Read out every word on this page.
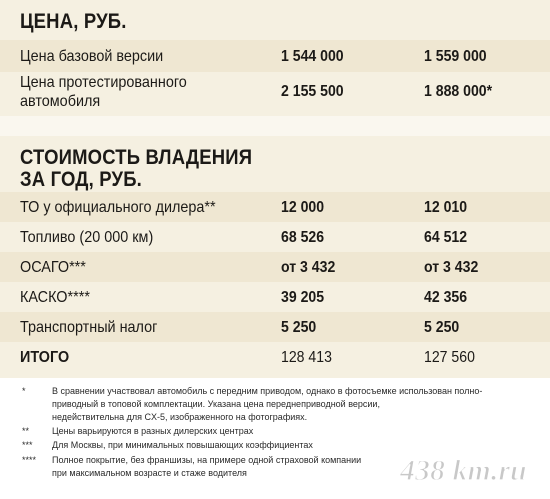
ЦЕНА, РУБ.
Цена базовой версии	1 544 000	1 559 000
Цена протестированного
автомобиля
2 155 500	1 888 000*
СТОИМОСТЬ ВЛАДЕНИЯ
ЗА ГОД, РУБ.
ТО у официального дилера**	12 000	12 010
Топливо (20 000 км)	68 526	64 512
ОСАГО***	от 3 432	от 3 432
КАСКО****	39 205	42 356
Транспортный налог	5 250	5 250
ИТОГО	128 413	127 560
*	В сравнении участвовал автомобиль с передним приводом, однако в фотосъемке использован полно-
приводный в топовой комплектации. Указана цена переднеприводной версии,
недействительна для CX-5, изображенного на фотографиях.
**	Цены варьируются в разных дилерских центрах
*** Для Москвы, при минимальных повышающих коэффициентах
**** Полное покрытие, без франшизы, на примере одной страховой компании
при максимальном возрасте и стаже водителя	438 km.ru
